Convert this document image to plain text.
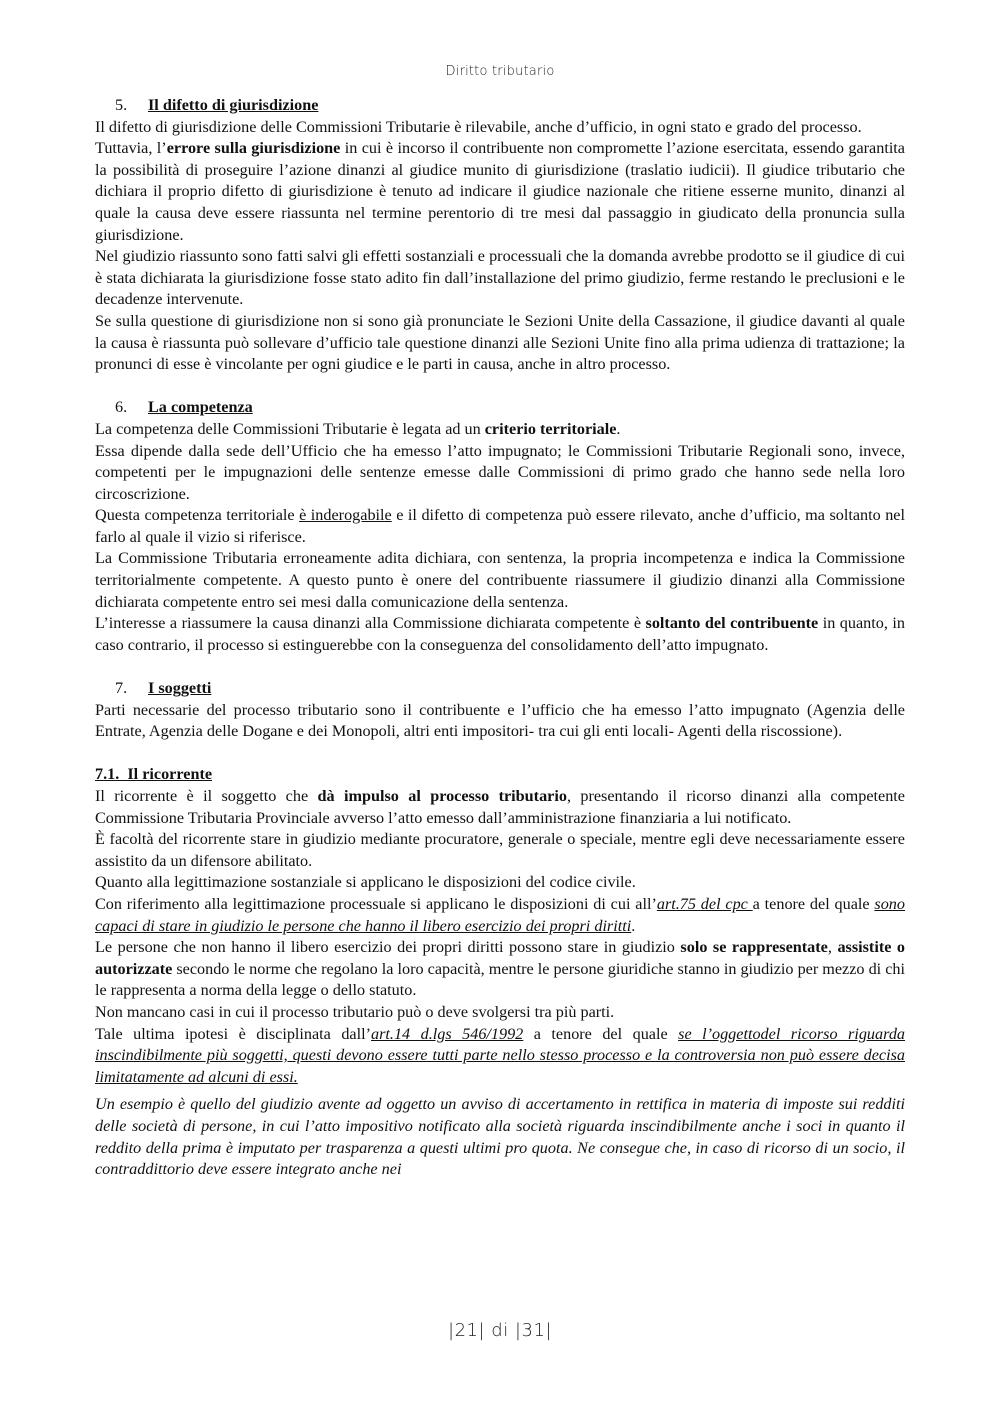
Diritto tributario
5. Il difetto di giurisdizione

Il difetto di giurisdizione delle Commissioni Tributarie è rilevabile, anche d’ufficio, in ogni stato e grado del processo.

Tuttavia, l’errore sulla giurisdizione in cui è incorso il contribuente non compromette l’azione esercitata, essendo garantita la possibilità di proseguire l’azione dinanzi al giudice munito di giurisdizione (traslatio iudicii). Il giudice tributario che dichiara il proprio difetto di giurisdizione è tenuto ad indicare il giudice nazionale che ritiene esserne munito, dinanzi al quale la causa deve essere riassunta nel termine perentorio di tre mesi dal passaggio in giudicato della pronuncia sulla giurisdizione.

Nel giudizio riassunto sono fatti salvi gli effetti sostanziali e processuali che la domanda avrebbe prodotto se il giudice di cui è stata dichiarata la giurisdizione fosse stato adito fin dall’installazione del primo giudizio, ferme restando le preclusioni e le decadenze intervenute.

Se sulla questione di giurisdizione non si sono già pronunciate le Sezioni Unite della Cassazione, il giudice davanti al quale la causa è riassunta può sollevare d’ufficio tale questione dinanzi alle Sezioni Unite fino alla prima udienza di trattazione; la pronunci di esse è vincolante per ogni giudice e le parti in causa, anche in altro processo.

6. La competenza

La competenza delle Commissioni Tributarie è legata ad un criterio territoriale.

Essa dipende dalla sede dell’Ufficio che ha emesso l’atto impugnato; le Commissioni Tributarie Regionali sono, invece, competenti per le impugnazioni delle sentenze emesse dalle Commissioni di primo grado che hanno sede nella loro circoscrizione.

Questa competenza territoriale è inderogabile e il difetto di competenza può essere rilevato, anche d’ufficio, ma soltanto nel farlo al quale il vizio si riferisce.

La Commissione Tributaria erroneamente adita dichiara, con sentenza, la propria incompetenza e indica la Commissione territorialmente competente. A questo punto è onere del contribuente riassumere il giudizio dinanzi alla Commissione dichiarata competente entro sei mesi dalla comunicazione della sentenza.

L’interesse a riassumere la causa dinanzi alla Commissione dichiarata competente è soltanto del contribuente in quanto, in caso contrario, il processo si estinguerebbe con la conseguenza del consolidamento dell’atto impugnato.

7. I soggetti

Parti necessarie del processo tributario sono il contribuente e l’ufficio che ha emesso l’atto impugnato (Agenzia delle Entrate, Agenzia delle Dogane e dei Monopoli, altri enti impositori- tra cui gli enti locali- Agenti della riscossione).

7.1.  Il ricorrente

Il ricorrente è il soggetto che dà impulso al processo tributario, presentando il ricorso dinanzi alla competente Commissione Tributaria Provinciale avverso l’atto emesso dall’amministrazione finanziaria a lui notificato.

È facoltà del ricorrente stare in giudizio mediante procuratore, generale o speciale, mentre egli deve necessariamente essere assistito da un difensore abilitato.

Quanto alla legittimazione sostanziale si applicano le disposizioni del codice civile.

Con riferimento alla legittimazione processuale si applicano le disposizioni di cui all’art.75 del cpc a tenore del quale sono capaci di stare in giudizio le persone che hanno il libero esercizio dei propri diritti.

Le persone che non hanno il libero esercizio dei propri diritti possono stare in giudizio solo se rappresentate, assistite o autorizzate secondo le norme che regolano la loro capacità, mentre le persone giuridiche stanno in giudizio per mezzo di chi le rappresenta a norma della legge o dello statuto.

Non mancano casi in cui il processo tributario può o deve svolgersi tra più parti.

Tale ultima ipotesi è disciplinata dall’art.14 d.lgs 546/1992 a tenore del quale se l’oggettodel ricorso riguarda inscindibilmente più soggetti, questi devono essere tutti parte nello stesso processo e la controversia non può essere decisa limitatamente ad alcuni di essi.

Un esempio è quello del giudizio avente ad oggetto un avviso di accertamento in rettifica in materia di imposte sui redditi delle società di persone, in cui l’atto impositivo notificato alla società riguarda inscindibilmente anche i soci in quanto il reddito della prima è imputato per trasparenza a questi ultimi pro quota. Ne consegue che, in caso di ricorso di un socio, il contraddittorio deve essere integrato anche nei

|21| di |31|
